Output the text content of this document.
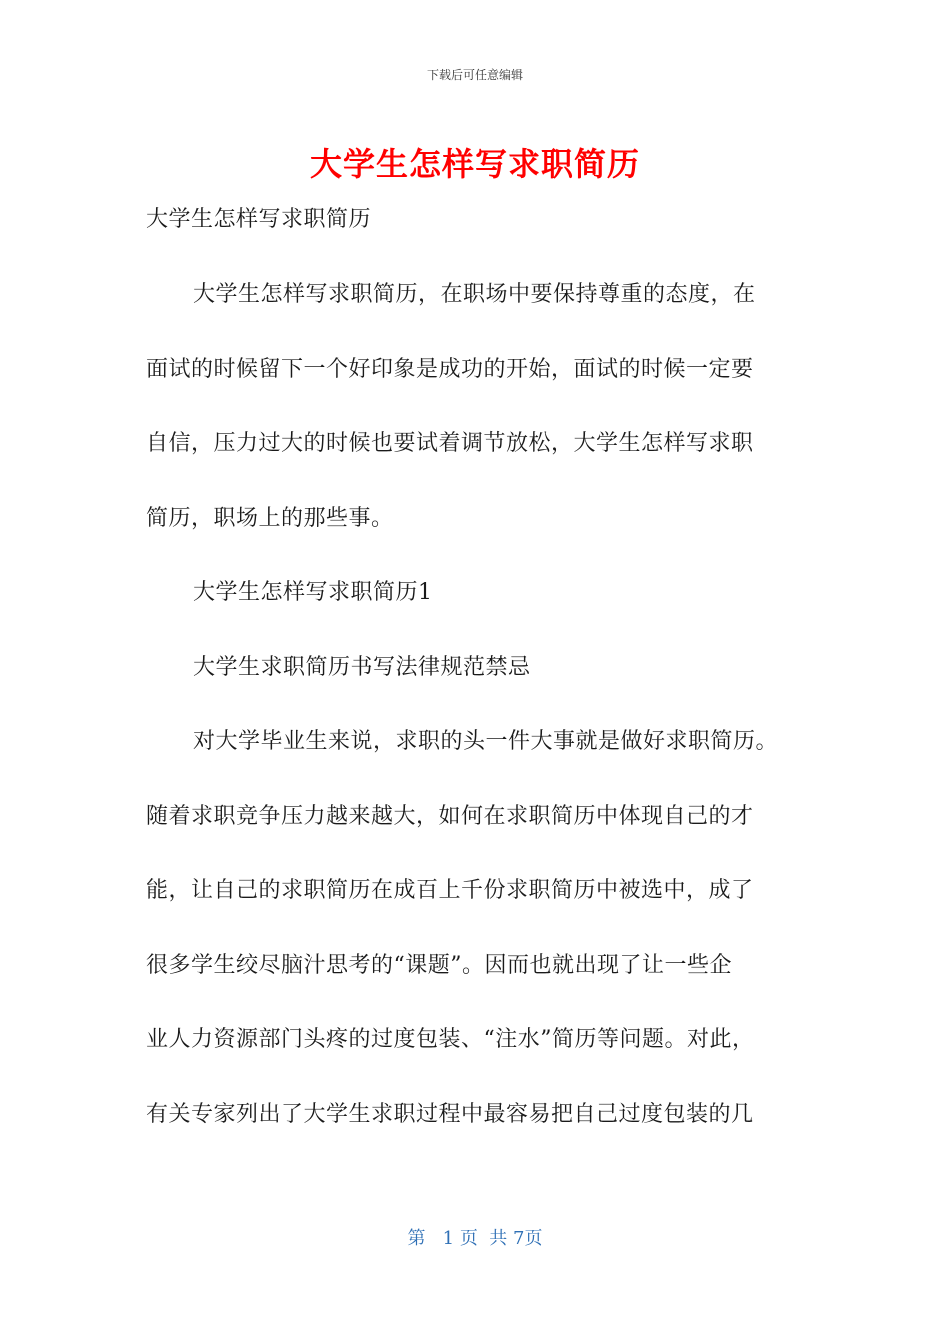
下载后可任意编辑
大学生怎样写求职简历
大学生怎样写求职简历
大学生怎样写求职简历，在职场中要保持尊重的态度，在
面试的时候留下一个好印象是成功的开始，面试的时候一定要
自信，压力过大的时候也要试着调节放松，大学生怎样写求职
简历，职场上的那些事。
大学生怎样写求职简历1
大学生求职简历书写法律规范禁忌
对大学毕业生来说，求职的头一件大事就是做好求职简历。
随着求职竞争压力越来越大，如何在求职简历中体现自己的才
能，让自己的求职简历在成百上千份求职简历中被选中，成了
很多学生绞尽脑汁思考的“课题”。因而也就出现了让一些企
业人力资源部门头疼的过度包装、“注水”简历等问题。对此，
有关专家列出了大学生求职过程中最容易把自己过度包装的几
第   1 页  共 7页
